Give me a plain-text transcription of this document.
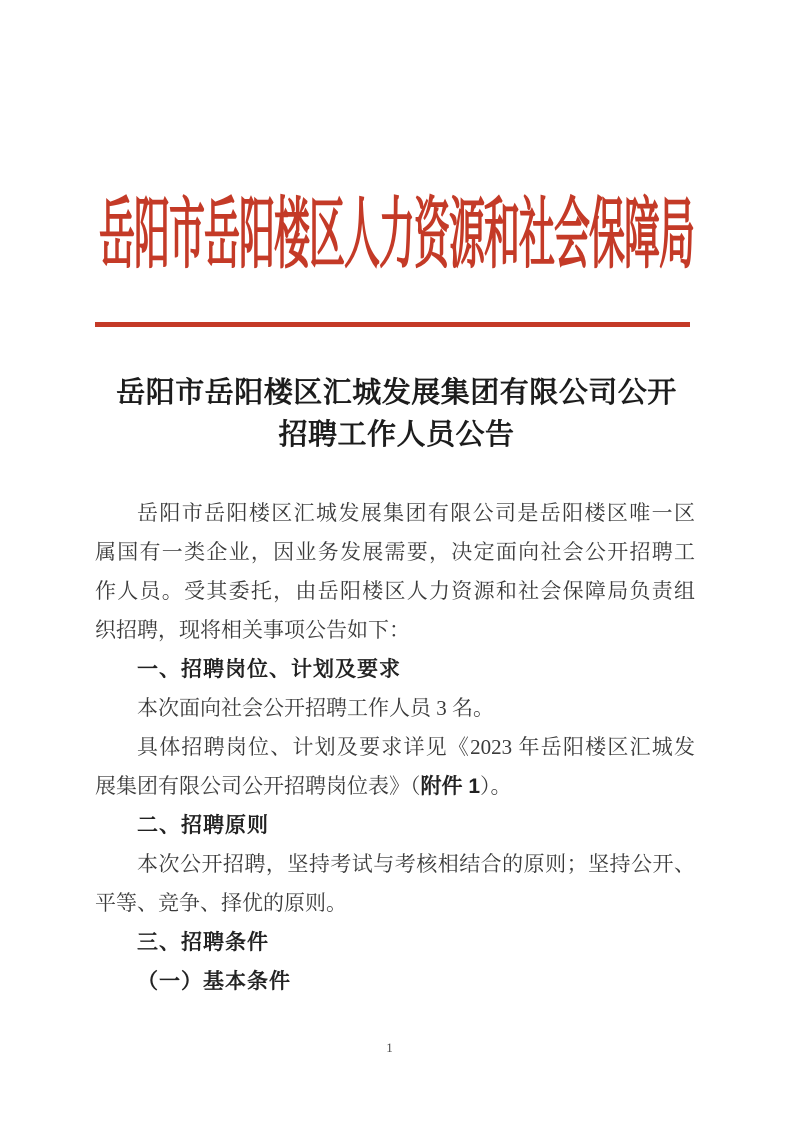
岳阳市岳阳楼区人力资源和社会保障局
岳阳市岳阳楼区汇城发展集团有限公司公开
招聘工作人员公告

岳阳市岳阳楼区汇城发展集团有限公司是岳阳楼区唯一区

属国有一类企业，因业务发展需要，决定面向社会公开招聘工

作人员。受其委托，由岳阳楼区人力资源和社会保障局负责组

织招聘，现将相关事项公告如下：

一、招聘岗位、计划及要求

本次面向社会公开招聘工作人员 3 名。

具体招聘岗位、计划及要求详见《2023 年岳阳楼区汇城发

展集团有限公司公开招聘岗位表》（附件 1）。

二、招聘原则

本次公开招聘，坚持考试与考核相结合的原则；坚持公开、

平等、竞争、择优的原则。

三、招聘条件

（一）基本条件

1
